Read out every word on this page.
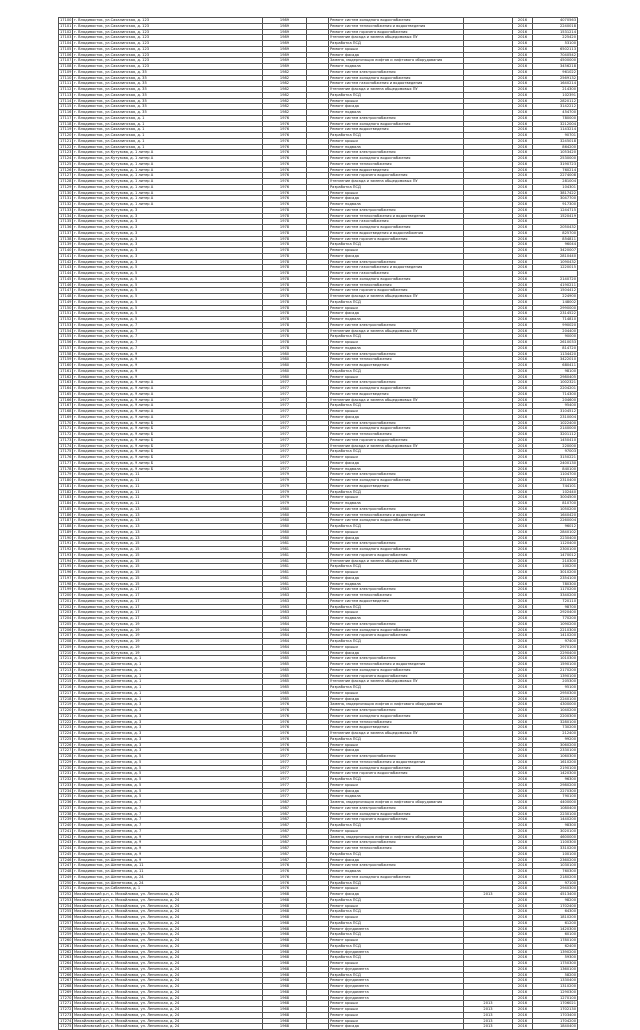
17100	г. Владивосток, ул.Сахалинская, д. 123	1989		Ремонт систем холодного водоснабжения		2016	4070563
17101	г. Владивосток, ул.Сахалинская, д. 123	1989		Ремонт систем теплоснабжения и водоотведения		2016	2240018
17102	г. Владивосток, ул.Сахалинская, д. 123	1989		Ремонт систем горячего водоснабжения		2016	1531214
17103	г. Владивосток, ул.Сахалинская, д. 123	1989		Утепление фасада и замена общедомовых ПУ		2016	225420
17104	г. Владивосток, ул.Сахалинская, д. 123	1989		Разработка ПСД		2016	53100
17105	г. Владивосток, ул.Сахалинская, д. 123	1989		Ремонт крыши		2016	6502113
17106	г. Владивосток, ул.Сахалинская, д. 123	1989		Ремонт фасада		2016	7040542
17107	г. Владивосток, ул.Сахалинская, д. 123	1989		Замена, модернизация лифтов и лифтового оборудования		2016	4500000
17108	г. Владивосток, ул.Сахалинская, д. 123	1989		Ремонт подвала		2016	3456218
17109	г. Владивосток, ул.Сахалинская, д. 35	1982		Ремонт систем электроснабжения		2016	961022
17110	г. Владивосток, ул.Сахалинская, д. 35	1982		Ремонт систем холодного водоснабжения		2016	2569132
17111	г. Владивосток, ул.Сахалинская, д. 35	1982		Ремонт систем газоснабжения и водоотведения		2016	1640214
17112	г. Владивосток, ул.Сахалинская, д. 35	1982		Утепление фасада и замена общедомовых ПУ		2016	214300
17113	г. Владивосток, ул.Сахалинская, д. 35	1982		Разработка ПСД		2016	102391
17114	г. Владивосток, ул.Сахалинская, д. 35	1982		Ремонт крыши		2016	2820112
17115	г. Владивосток, ул.Сахалинская, д. 35	1982		Ремонт фасада		2016	3142212
17116	г. Владивосток, ул.Сахалинская, д. 35	1982		Ремонт подвала		2016	454700
17117	г. Владивосток, ул.Сахалинская, д. 1	1976		Ремонт систем электроснабжения		2016	780000
17118	г. Владивосток, ул.Сахалинская, д. 1	1976		Ремонт систем холодного водоснабжения		2016	3212004
17119	г. Владивосток, ул.Сахалинская, д. 1	1976		Ремонт систем водоотведения		2016	1143214
17120	г. Владивосток, ул.Сахалинская, д. 1	1976		Разработка ПСД		2016	90701
17121	г. Владивосток, ул.Сахалинская, д. 1	1976		Ремонт крыши		2016	3245018
17122	г. Владивосток, ул.Сахалинская, д. 1	1976		Ремонт подвала		2016	864200
17123	г. Владивосток, ул.Кутузова, д. 1 литер А	1976		Ремонт систем электроснабжения		2016	1053420
17124	г. Владивосток, ул.Кутузова, д. 1 литер А	1976		Ремонт систем холодного водоснабжения		2016	2530000
17125	г. Владивосток, ул.Кутузова, д. 1 литер А	1976		Ремонт систем теплоснабжения		2016	3190723
17126	г. Владивосток, ул.Кутузова, д. 1 литер А	1976		Ремонт систем водоотведения		2016	760214
17127	г. Владивосток, ул.Кутузова, д. 1 литер А	1976		Ремонт систем горячего водоснабжения		2016	2274008
17128	г. Владивосток, ул.Кутузова, д. 1 литер А	1976		Утепление фасада и замена общедомовых ПУ		2016	281004
17129	г. Владивосток, ул.Кутузова, д. 1 литер А	1976		Разработка ПСД		2016	104301
17130	г. Владивосток, ул.Кутузова, д. 1 литер А	1976		Ремонт крыши		2016	3817422
17131	г. Владивосток, ул.Кутузова, д. 1 литер А	1976		Ремонт фасада		2016	3047700
17132	г. Владивосток, ул.Кутузова, д. 1 литер А	1976		Ремонт подвала		2016	917300
17133	г. Владивосток, ул.Кутузова, д. 3	1978		Ремонт систем электроснабжения		2016	1244715
17134	г. Владивосток, ул.Кутузова, д. 3	1978		Ремонт систем теплоснабжения и водоотведения		2016	1520419
17135	г. Владивосток, ул.Кутузова, д. 3	1978		Ремонт систем газоснабжения		2016	
17136	г. Владивосток, ул.Кутузова, д. 3	1978		Ремонт систем холодного водоснабжения		2016	2050432
17137	г. Владивосток, ул.Кутузова, д. 3	1978		Ремонт систем водоотведения и водоснабжения		2016	825700
17138	г. Владивосток, ул.Кутузова, д. 3	1978		Ремонт систем горячего водоснабжения		2016	854811
17139	г. Владивосток, ул.Кутузова, д. 3	1978		Разработка ПСД		2016	96044
17140	г. Владивосток, ул.Кутузова, д. 3	1978		Ремонт крыши		2016	3420007
17141	г. Владивосток, ул.Кутузова, д. 3	1978		Ремонт фасада		2016	2810440
17142	г. Владивосток, ул.Кутузова, д. 3	1978		Ремонт систем электроснабжения		2016	1090432
17143	г. Владивосток, ул.Кутузова, д. 5	1978		Ремонт систем газоснабжения и водоотведения		2016	1220015
17144	г. Владивосток, ул.Кутузова, д. 5	1978		Ремонт систем газоснабжения		2016	
17145	г. Владивосток, ул.Кутузова, д. 5	1978		Ремонт систем холодного водоснабжения		2016	2140720
17146	г. Владивосток, ул.Кутузова, д. 5	1978		Ремонт систем теплоснабжения		2016	4190211
17147	г. Владивосток, ул.Кутузова, д. 5	1978		Ремонт систем горячего водоснабжения		2016	1504412
17148	г. Владивосток, ул.Кутузова, д. 5	1978		Утепление фасада и замена общедомовых ПУ		2016	224900
17149	г. Владивосток, ул.Кутузова, д. 5	1978		Разработка ПСД		2016	148002
17150	г. Владивосток, ул.Кутузова, д. 5	1978		Ремонт крыши		2016	2990000
17151	г. Владивосток, ул.Кутузова, д. 5	1978		Ремонт фасада		2016	2314522
17152	г. Владивосток, ул.Кутузова, д. 5	1978		Ремонт подвала		2016	714810
17153	г. Владивосток, ул.Кутузова, д. 7	1978		Ремонт систем электроснабжения		2016	990020
17154	г. Владивосток, ул.Кутузова, д. 7	1978		Утепление фасада и замена общедомовых ПУ		2016	204400
17155	г. Владивосток, ул.Кутузова, д. 7	1978		Разработка ПСД		2016	90000
17156	г. Владивосток, ул.Кутузова, д. 7	1978		Ремонт крыши		2016	2610033
17157	г. Владивосток, ул.Кутузова, д. 7	1978		Ремонт подвала		2016	814720
17158	г. Владивосток, ул.Кутузова, д. 9	1980		Ремонт систем электроснабжения		2016	1134420
17159	г. Владивосток, ул.Кутузова, д. 9	1980		Ремонт систем теплоснабжения		2016	3422010
17160	г. Владивосток, ул.Кутузова, д. 9	1980		Ремонт систем водоотведения		2016	680411
17161	г. Владивосток, ул.Кутузова, д. 9	1980		Разработка ПСД		2016	98100
17162	г. Владивосток, ул.Кутузова, д. 9	1980		Ремонт крыши		2016	2980405
17163	г. Владивосток, ул.Кутузова, д. 9 литер А	1977		Ремонт систем электроснабжения		2016	1002321
17164	г. Владивосток, ул.Кутузова, д. 9 литер А	1977		Ремонт систем холодного водоснабжения		2016	2204201
17165	г. Владивосток, ул.Кутузова, д. 9 литер А	1977		Ремонт систем водоотведения		2016	714300
17166	г. Владивосток, ул.Кутузова, д. 9 литер А	1977		Утепление фасада и замена общедомовых ПУ		2016	204600
17167	г. Владивосток, ул.Кутузова, д. 9 литер А	1977		Разработка ПСД		2016	95400
17168	г. Владивосток, ул.Кутузова, д. 9 литер А	1977		Ремонт крыши		2016	3104512
17169	г. Владивосток, ул.Кутузова, д. 9 литер А	1977		Ремонт фасада		2016	2310004
17170	г. Владивосток, ул.Кутузова, д. 9 литер Б	1977		Ремонт систем электроснабжения		2016	1022400
17171	г. Владивосток, ул.Кутузова, д. 9 литер Б	1977		Ремонт систем холодного водоснабжения		2016	2140000
17172	г. Владивосток, ул.Кутузова, д. 9 литер Б	1977		Ремонт систем теплоснабжения		2016	3201112
17173	г. Владивосток, ул.Кутузова, д. 9 литер Б	1977		Ремонт систем горячего водоснабжения		2016	1450410
17174	г. Владивосток, ул.Кутузова, д. 9 литер Б	1977		Утепление фасада и замена общедомовых ПУ		2016	220000
17175	г. Владивосток, ул.Кутузова, д. 9 литер Б	1977		Разработка ПСД		2016	97003
17176	г. Владивосток, ул.Кутузова, д. 9 литер Б	1977		Ремонт крыши		2016	3150221
17177	г. Владивосток, ул.Кутузова, д. 9 литер Б	1977		Ремонт фасада		2016	2400130
17178	г. Владивосток, ул.Кутузова, д. 9 литер Б	1977		Ремонт подвала		2016	840100
17179	г. Владивосток, ул.Кутузова, д. 11	1979		Ремонт систем электроснабжения		2016	1104700
17180	г. Владивосток, ул.Кутузова, д. 11	1979		Ремонт систем холодного водоснабжения		2016	2310400
17181	г. Владивосток, ул.Кутузова, д. 11	1979		Ремонт систем водоотведения		2016	744101
17182	г. Владивосток, ул.Кутузова, д. 11	1979		Разработка ПСД		2016	102440
17183	г. Владивосток, ул.Кутузова, д. 11	1979		Ремонт крыши		2016	3004500
17184	г. Владивосток, ул.Кутузова, д. 11	1979		Ремонт подвала		2016	810700
17185	г. Владивосток, ул.Кутузова, д. 13	1980		Ремонт систем электроснабжения		2016	1050200
17186	г. Владивосток, ул.Кутузова, д. 13	1980		Ремонт систем теплоснабжения и водоотведения		2016	1640420
17187	г. Владивосток, ул.Кутузова, д. 13	1980		Ремонт систем холодного водоснабжения		2016	2260004
17188	г. Владивосток, ул.Кутузова, д. 13	1980		Разработка ПСД		2016	96012
17189	г. Владивосток, ул.Кутузова, д. 13	1980		Ремонт крыши		2016	2840102
17190	г. Владивосток, ул.Кутузова, д. 13	1980		Ремонт фасада		2016	2230400
17191	г. Владивосток, ул.Кутузова, д. 15	1981		Ремонт систем электроснабжения		2016	1120400
17192	г. Владивосток, ул.Кутузова, д. 15	1981		Ремонт систем холодного водоснабжения		2016	2300100
17193	г. Владивосток, ул.Кутузова, д. 15	1981		Ремонт систем горячего водоснабжения		2016	1470012
17194	г. Владивосток, ул.Кутузова, д. 15	1981		Утепление фасада и замена общедомовых ПУ		2016	210300
17195	г. Владивосток, ул.Кутузова, д. 15	1981		Разработка ПСД		2016	100200
17196	г. Владивосток, ул.Кутузова, д. 15	1981		Ремонт крыши		2016	3010200
17197	г. Владивосток, ул.Кутузова, д. 15	1981		Ремонт фасада		2016	2354100
17198	г. Владивосток, ул.Кутузова, д. 15	1981		Ремонт подвала		2016	780300
17199	г. Владивосток, ул.Кутузова, д. 17	1983		Ремонт систем электроснабжения		2016	1170200
17200	г. Владивосток, ул.Кутузова, д. 17	1983		Ремонт систем теплоснабжения		2016	3340200
17201	г. Владивосток, ул.Кутузова, д. 17	1983		Ремонт систем водоотведения		2016	720110
17202	г. Владивосток, ул.Кутузова, д. 17	1983		Разработка ПСД		2016	98700
17203	г. Владивосток, ул.Кутузова, д. 17	1983		Ремонт крыши		2016	2920400
17204	г. Владивосток, ул.Кутузова, д. 17	1983		Ремонт подвала		2016	770200
17205	г. Владивосток, ул.Кутузова, д. 19	1984		Ремонт систем электроснабжения		2016	1090200
17206	г. Владивосток, ул.Кутузова, д. 19	1984		Ремонт систем холодного водоснабжения		2016	2210300
17207	г. Владивосток, ул.Кутузова, д. 19	1984		Ремонт систем горячего водоснабжения		2016	1410200
17208	г. Владивосток, ул.Кутузова, д. 19	1984		Разработка ПСД		2016	97400
17209	г. Владивосток, ул.Кутузова, д. 19	1984		Ремонт крыши		2016	2970100
17210	г. Владивосток, ул.Кутузова, д. 19	1984		Ремонт фасада		2016	2290400
17211	г. Владивосток, ул.Шепеткова, д. 1	1985		Ремонт систем электроснабжения		2016	1010300
17212	г. Владивосток, ул.Шепеткова, д. 1	1985		Ремонт систем теплоснабжения и водоотведения		2016	1590100
17213	г. Владивосток, ул.Шепеткова, д. 1	1985		Ремонт систем холодного водоснабжения		2016	2170200
17214	г. Владивосток, ул.Шепеткова, д. 1	1985		Ремонт систем горячего водоснабжения		2016	1390100
17215	г. Владивосток, ул.Шепеткова, д. 1	1985		Утепление фасада и замена общедомовых ПУ		2016	205300
17216	г. Владивосток, ул.Шепеткова, д. 1	1985		Разработка ПСД		2016	95100
17217	г. Владивосток, ул.Шепеткова, д. 1	1985		Ремонт крыши		2016	2950300
17218	г. Владивосток, ул.Шепеткова, д. 1	1985		Ремонт фасада		2016	2240100
17219	г. Владивосток, ул.Шепеткова, д. 3	1976		Замена, модернизация лифтов и лифтового оборудования		2016	4300000
17220	г. Владивосток, ул.Шепеткова, д. 3	1976		Ремонт систем электроснабжения		2016	1040200
17221	г. Владивосток, ул.Шепеткова, д. 3	1976		Ремонт систем холодного водоснабжения		2016	2200300
17222	г. Владивосток, ул.Шепеткова, д. 3	1976		Ремонт систем теплоснабжения		2016	3280100
17223	г. Владивосток, ул.Шепеткова, д. 3	1976		Ремонт систем водоотведения		2016	730200
17224	г. Владивосток, ул.Шепеткова, д. 3	1976		Утепление фасада и замена общедомовых ПУ		2016	212400
17225	г. Владивосток, ул.Шепеткова, д. 3	1976		Разработка ПСД		2016	99200
17226	г. Владивосток, ул.Шепеткова, д. 3	1976		Ремонт крыши		2016	3060200
17227	г. Владивосток, ул.Шепеткова, д. 3	1976		Ремонт фасада		2016	2330100
17228	г. Владивосток, ул.Шепеткова, д. 5	1977		Ремонт систем электроснабжения		2016	1060300
17229	г. Владивосток, ул.Шепеткова, д. 5	1977		Ремонт систем теплоснабжения и водоотведения		2016	1610200
17230	г. Владивосток, ул.Шепеткова, д. 5	1977		Ремонт систем холодного водоснабжения		2016	2190100
17231	г. Владивосток, ул.Шепеткова, д. 5	1977		Ремонт систем горячего водоснабжения		2016	1420300
17232	г. Владивосток, ул.Шепеткова, д. 5	1977		Разработка ПСД		2016	96300
17233	г. Владивосток, ул.Шепеткова, д. 5	1977		Ремонт крыши		2016	2980200
17234	г. Владивосток, ул.Шепеткова, д. 5	1977		Ремонт фасада		2016	2270300
17235	г. Владивосток, ул.Шепеткова, д. 5	1977		Ремонт подвала		2016	790100
17236	г. Владивосток, ул.Шепеткова, д. 7	1987		Замена, модернизация лифтов и лифтового оборудования		2016	4400000
17237	г. Владивосток, ул.Шепеткова, д. 7	1987		Ремонт систем электроснабжения		2016	1080400
17238	г. Владивосток, ул.Шепеткова, д. 7	1987		Ремонт систем холодного водоснабжения		2016	2230100
17239	г. Владивосток, ул.Шепеткова, д. 7	1987		Ремонт систем горячего водоснабжения		2016	1440200
17240	г. Владивосток, ул.Шепеткова, д. 7	1987		Разработка ПСД		2016	98300
17241	г. Владивосток, ул.Шепеткова, д. 7	1987		Ремонт крыши		2016	3020100
17242	г. Владивосток, ул.Шепеткова, д. 9	1987		Замена, модернизация лифтов и лифтового оборудования		2016	4600000
17243	г. Владивосток, ул.Шепеткова, д. 9	1987		Ремонт систем электроснабжения		2016	1100300
17244	г. Владивосток, ул.Шепеткова, д. 9	1987		Ремонт систем теплоснабжения		2016	3310200
17245	г. Владивосток, ул.Шепеткова, д. 9	1987		Разработка ПСД		2016	100100
17246	г. Владивосток, ул.Шепеткова, д. 9	1987		Ремонт фасада		2016	2360200
17247	г. Владивосток, ул.Шепеткова, д. 11	1976		Ремонт систем электроснабжения		2016	1030100
17248	г. Владивосток, ул.Шепеткова, д. 11	1976		Ремонт подвала		2016	760300
17249	г. Владивосток, ул.Шепеткова, д. 24	1976		Ремонт систем холодного водоснабжения		2016	2180200
17250	г. Владивосток, ул.Шепеткова, д. 24	1976		Разработка ПСД		2016	97100
17251	г. Владивосток, ул.Сабанеева, д. 1	1976		Ремонт крыши		2016	2940300
17252	Михайловский р-н, с. Михайловка, ул. Ленинская, д. 24	1968		Ремонт фасада	2013	2016	4513400
17253	Михайловский р-н, с. Михайловка, ул. Ленинская, д. 24	1968		Разработка ПСД		2016	98200
17254	Михайловский р-н, с. Михайловка, ул. Ленинская, д. 24	1968		Ремонт крыши		2016	1702400
17255	Михайловский р-н, с. Михайловка, ул. Ленинская, д. 24	1968		Разработка ПСД		2016	64300
17256	Михайловский р-н, с. Михайловка, ул. Ленинская, д. 24	1968		Ремонт крыши		2016	1810200
17257	Михайловский р-н, с. Михайловка, ул. Ленинская, д. 24	1968		Разработка ПСД		2016	61200
17258	Михайловский р-н, с. Михайловка, ул. Ленинская, д. 24	1968		Ремонт фундамента		2016	1420300
17259	Михайловский р-н, с. Михайловка, ул. Ленинская, д. 24	1968		Разработка ПСД		2016	60100
17260	Михайловский р-н, с. Михайловка, ул. Ленинская, д. 24	1968		Ремонт крыши		2016	1780100
17261	Михайловский р-н, с. Михайловка, ул. Ленинская, д. 24	1968		Разработка ПСД		2016	62400
17262	Михайловский р-н, с. Михайловка, ул. Ленинская, д. 24	1968		Ремонт фундамента		2016	1390200
17263	Михайловский р-н, с. Михайловка, ул. Ленинская, д. 24	1968		Разработка ПСД		2016	59300
17264	Михайловский р-н, с. Михайловка, ул. Ленинская, д. 24	1968		Ремонт крыши		2016	1750300
17265	Михайловский р-н, с. Михайловка, ул. Ленинская, д. 24	1968		Ремонт фундамента		2016	1360100
17266	Михайловский р-н, с. Михайловка, ул. Ленинская, д. 24	1968		Разработка ПСД		2016	58200
17267	Михайловский р-н, с. Михайловка, ул. Ленинская, д. 24	1968		Ремонт фундамента		2016	1330400
17268	Михайловский р-н, с. Михайловка, ул. Ленинская, д. 24	1968		Ремонт фундамента		2016	1310200
17269	Михайловский р-н, с. Михайловка, ул. Ленинская, д. 24	1968		Ремонт фундамента		2016	1290300
17270	Михайловский р-н, с. Михайловка, ул. Ленинская, д. 24	1968		Ремонт фундамента		2016	1270100
17271	Михайловский р-н, с. Михайловка, ул. Ленинская, д. 24	1968		Ремонт крыши	2013	2016	1706021
17272	Михайловский р-н, с. Михайловка, ул. Ленинская, д. 24	1968		Ремонт крыши	2013	2016	1702130
17273	Михайловский р-н, с. Михайловка, ул. Ленинская, д. 24	1968		Ремонт крыши	2013	2016	1703400
17274	Михайловский р-н, с. Михайловка, ул. Ленинская, д. 24	1968		Ремонт крыши	2013	2016	1704200
17275	Михайловский р-н, с. Михайловка, ул. Ленинская, д. 24	1968		Ремонт фасада	2013	2016	1840400
